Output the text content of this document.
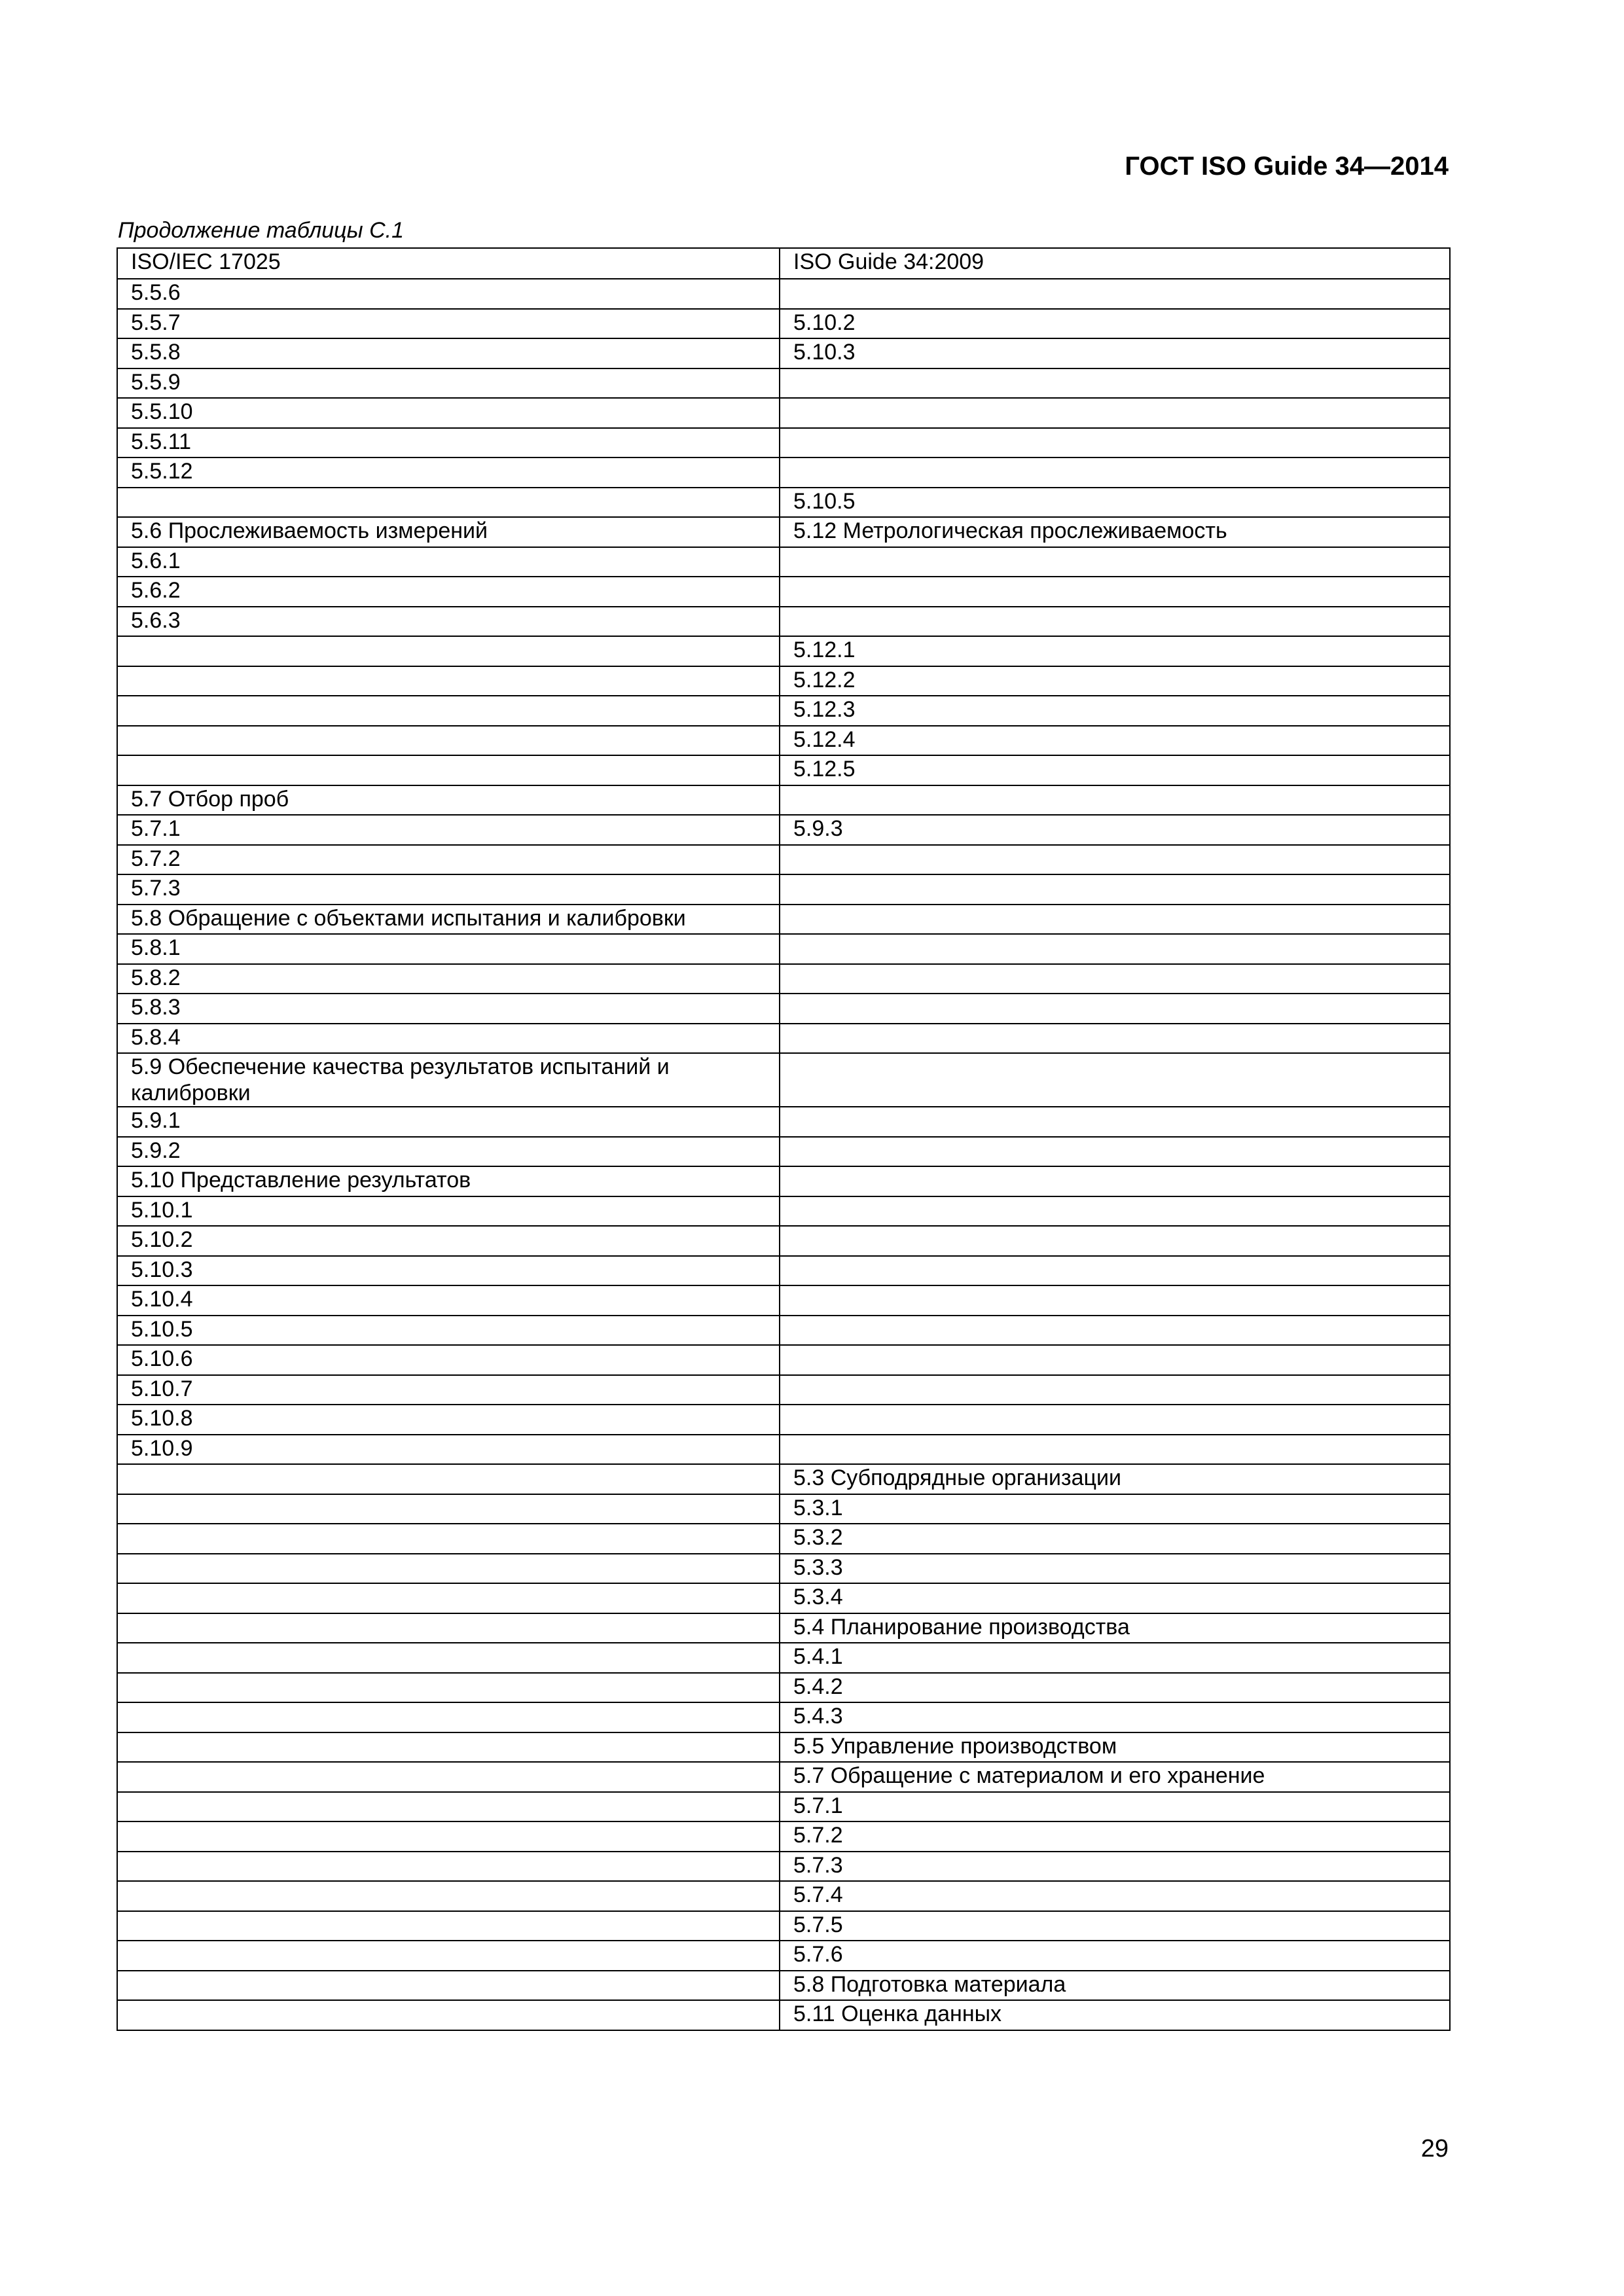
ГОСТ ISO Guide 34—2014
Продолжение таблицы С.1
ISO/IEC 17025	ISO Guide 34:2009
5.5.6	
5.5.7	5.10.2
5.5.8	5.10.3
5.5.9	
5.5.10	
5.5.11	
5.5.12	
	5.10.5
5.6 Прослеживаемость измерений	5.12 Метрологическая прослеживаемость
5.6.1	
5.6.2	
5.6.3	
	5.12.1
	5.12.2
	5.12.3
	5.12.4
	5.12.5
5.7 Отбор проб	
5.7.1	5.9.3
5.7.2	
5.7.3	
5.8 Обращение с объектами испытания и калибровки	
5.8.1	
5.8.2	
5.8.3	
5.8.4	
5.9 Обеспечение качества результатов испытаний и калибровки	
5.9.1	
5.9.2	
5.10 Представление результатов	
5.10.1	
5.10.2	
5.10.3	
5.10.4	
5.10.5	
5.10.6	
5.10.7	
5.10.8	
5.10.9	
	5.3 Субподрядные организации
	5.3.1
	5.3.2
	5.3.3
	5.3.4
	5.4 Планирование производства
	5.4.1
	5.4.2
	5.4.3
	5.5 Управление производством
	5.7 Обращение с материалом и его хранение
	5.7.1
	5.7.2
	5.7.3
	5.7.4
	5.7.5
	5.7.6
	5.8 Подготовка материала
	5.11 Оценка данных
29
